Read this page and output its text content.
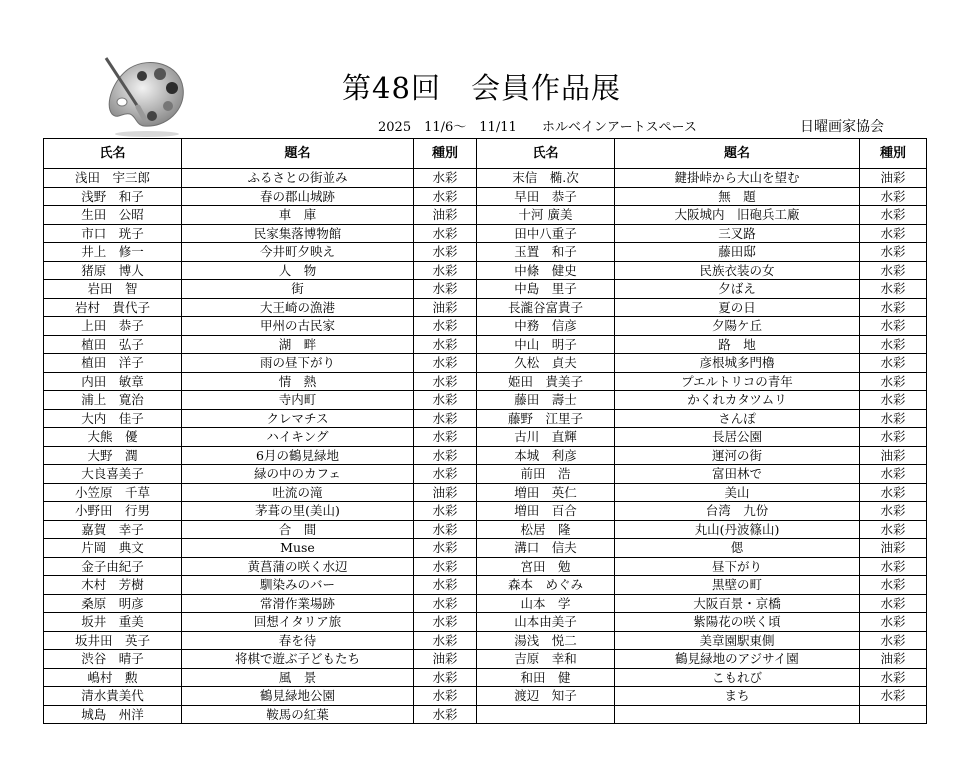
第48回　会員作品展
2025　11/6～　11/11 ホルベインアートスペース	日曜画家協会
氏名	題名	種別	氏名	題名	種別
浅田　宇三郎	ふるさとの街並み	水彩	末信　椭.次	鍵掛峠から大山を望む	油彩
浅野　和子	春の郡山城跡	水彩	早田　恭子	無　題	水彩
生田　公昭	車　庫	油彩	十河 廣美	大阪城内　旧砲兵工廠	水彩
市口　珖子	民家集落博物館	水彩	田中八重子	三叉路	水彩
井上　修一	今井町夕映え	水彩	玉置　和子	藤田邸	水彩
猪原　博人	人　物	水彩	中條　健史	民族衣装の女	水彩
岩田　智	街	水彩	中島　里子	夕ばえ	水彩
岩村　貴代子	大王崎の漁港	油彩	長瀧谷富貴子	夏の日	水彩
上田　恭子	甲州の古民家	水彩	中務　信彦	夕陽ケ丘	水彩
植田　弘子	湖　畔	水彩	中山　明子	路　地	水彩
植田　洋子	雨の昼下がり	水彩	久松　貞夫	彦根城多門櫓	水彩
内田　敏章	情　熱	水彩	姫田　貴美子	プエルトリコの青年	水彩
浦上　寛治	寺内町	水彩	藤田　壽士	かくれカタツムリ	水彩
大内　佳子	クレマチス	水彩	藤野　江里子	さんぽ	水彩
大熊　優	ハイキング	水彩	古川　直輝	長居公園	水彩
大野　潤	6月の鶴見緑地	水彩	本城　利彦	運河の街	油彩
大良喜美子	緑の中のカフェ	水彩	前田　浩	富田林で	水彩
小笠原　千草	吐流の滝	油彩	増田　英仁	美山	水彩
小野田　行男	茅葺の里(美山)	水彩	増田　百合	台湾　九份	水彩
嘉賀　幸子	合　間	水彩	松居　隆	丸山(丹波篠山)	水彩
片岡　典文	Muse	水彩	溝口　信夫	偲	油彩
金子由紀子	黄菖蒲の咲く水辺	水彩	宮田　勉	昼下がり	水彩
木村　芳樹	馴染みのバー	水彩	森本　めぐみ	黒壁の町	水彩
桑原　明彦	常滑作業場跡	水彩	山本　学	大阪百景・京橋	水彩
坂井　重美	回想イタリア旅	水彩	山本由美子	紫陽花の咲く頃	水彩
坂井田　英子	春を待	水彩	湯浅　悦二	美章園駅東側	水彩
渋谷　晴子	将棋で遊ぶ子どもたち	油彩	吉原　幸和	鶴見緑地のアジサイ園	油彩
嶋村　勲	風　景	水彩	和田　健	こもれび	水彩
清水貴美代	鶴見緑地公園	水彩	渡辺　知子	まち	水彩
城島　州洋	鞍馬の紅葉	水彩			
